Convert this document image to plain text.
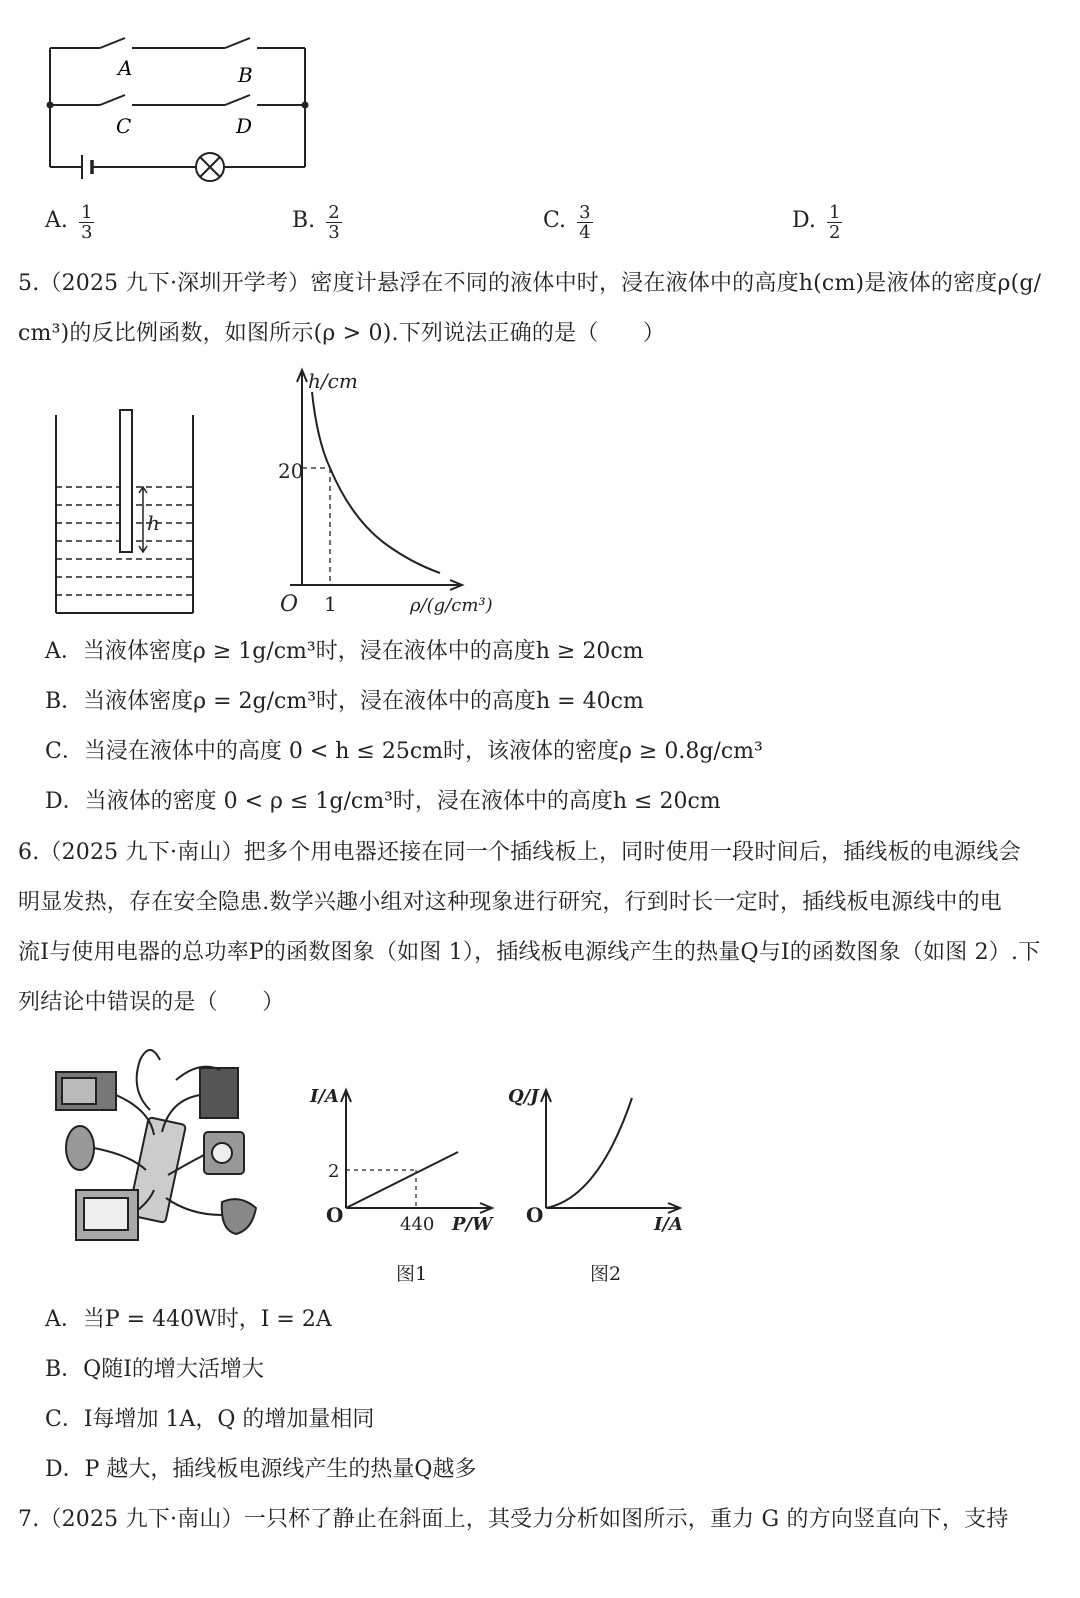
A	B
C	D
A. $\frac{1}{3}$	B. $\frac{2}{3}$	C. $\frac{3}{4}$	D. $\frac{1}{2}$
5.（2025 九下·深圳开学考）密度计悬浮在不同的液体中时，浸在液体中的高度h(cm)是液体的密度ρ(g/
cm³)的反比例函数，如图所示(ρ > 0).下列说法正确的是（　　）
h
h/cm
20
O 1	ρ/(g/cm³)
A．当液体密度ρ ≥ 1g/cm³时，浸在液体中的高度h ≥ 20cm
B．当液体密度ρ = 2g/cm³时，浸在液体中的高度h = 40cm
C．当浸在液体中的高度 0 < h ≤ 25cm时，该液体的密度ρ ≥ 0.8g/cm³
D．当液体的密度 0 < ρ ≤ 1g/cm³时，浸在液体中的高度h ≤ 20cm
6.（2025 九下·南山）把多个用电器还接在同一个插线板上，同时使用一段时间后，插线板的电源线会
明显发热，存在安全隐患.数学兴趣小组对这种现象进行研究，行到时长一定时，插线板电源线中的电
流I与使用电器的总功率P的函数图象（如图 1），插线板电源线产生的热量Q与I的函数图象（如图 2）.下
列结论中错误的是（　　）
I/A
2
O	440 P/W
图1
Q/J
O	I/A
图2
A．当P = 440W时，I = 2A
B．Q随I的增大活增大
C．I每增加 1A，Q 的增加量相同
D．P 越大，插线板电源线产生的热量Q越多
7.（2025 九下·南山）一只杯了静止在斜面上，其受力分析如图所示，重力 G 的方向竖直向下，支持
